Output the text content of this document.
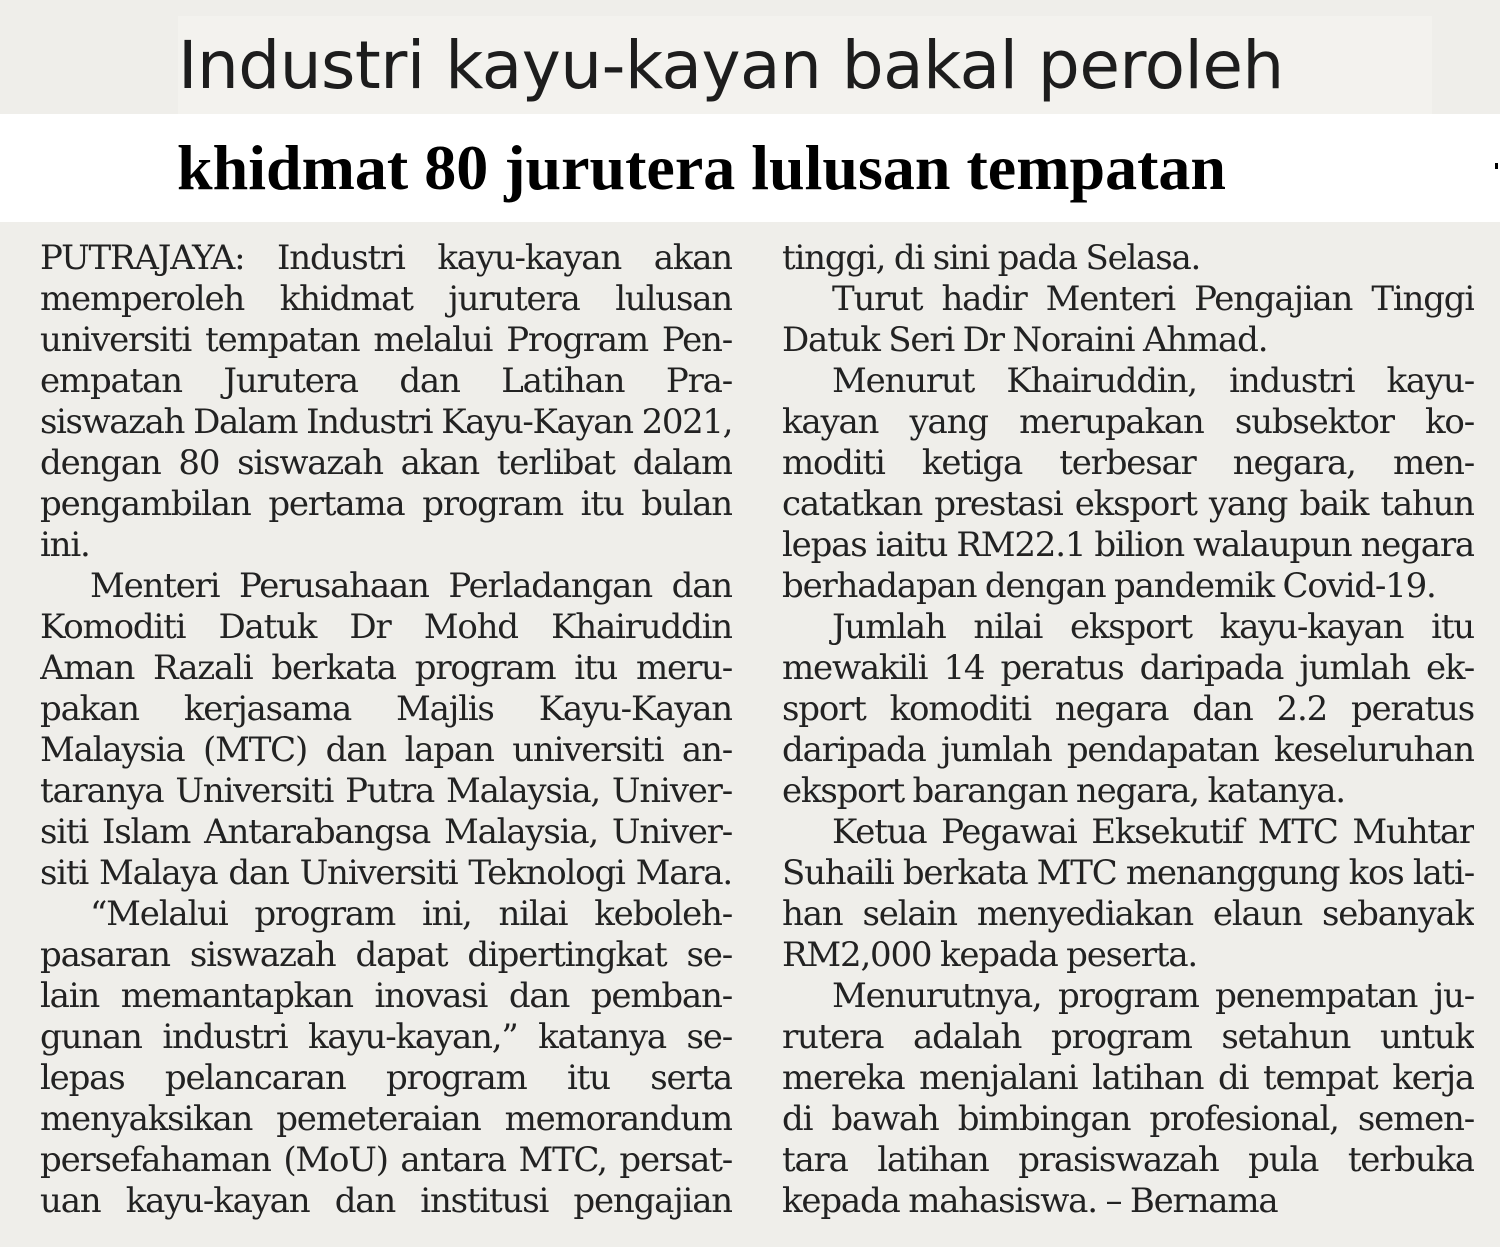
Industri kayu-kayan bakal peroleh
khidmat 80 jurutera lulusan tempatan
PUTRAJAYA: Industri kayu-kayan akan
memperoleh khidmat jurutera lulusan
universiti tempatan melalui Program Pen-
empatan Jurutera dan Latihan Pra-
siswazah Dalam Industri Kayu-Kayan 2021,
dengan 80 siswazah akan terlibat dalam
pengambilan pertama program itu bulan
ini.
Menteri Perusahaan Perladangan dan
Komoditi Datuk Dr Mohd Khairuddin
Aman Razali berkata program itu meru-
pakan kerjasama Majlis Kayu-Kayan
Malaysia (MTC) dan lapan universiti an-
taranya Universiti Putra Malaysia, Univer-
siti Islam Antarabangsa Malaysia, Univer-
siti Malaya dan Universiti Teknologi Mara.
“Melalui program ini, nilai keboleh-
pasaran siswazah dapat dipertingkat se-
lain memantapkan inovasi dan pemban-
gunan industri kayu-kayan,” katanya se-
lepas pelancaran program itu serta
menyaksikan pemeteraian memorandum
persefahaman (MoU) antara MTC, persat-
uan kayu-kayan dan institusi pengajian
tinggi, di sini pada Selasa.
Turut hadir Menteri Pengajian Tinggi
Datuk Seri Dr Noraini Ahmad.
Menurut Khairuddin, industri kayu-
kayan yang merupakan subsektor ko-
moditi ketiga terbesar negara, men-
catatkan prestasi eksport yang baik tahun
lepas iaitu RM22.1 bilion walaupun negara
berhadapan dengan pandemik Covid-19.
Jumlah nilai eksport kayu-kayan itu
mewakili 14 peratus daripada jumlah ek-
sport komoditi negara dan 2.2 peratus
daripada jumlah pendapatan keseluruhan
eksport barangan negara, katanya.
Ketua Pegawai Eksekutif MTC Muhtar
Suhaili berkata MTC menanggung kos lati-
han selain menyediakan elaun sebanyak
RM2,000 kepada peserta.
Menurutnya, program penempatan ju-
rutera adalah program setahun untuk
mereka menjalani latihan di tempat kerja
di bawah bimbingan profesional, semen-
tara latihan prasiswazah pula terbuka
kepada mahasiswa. – Bernama
